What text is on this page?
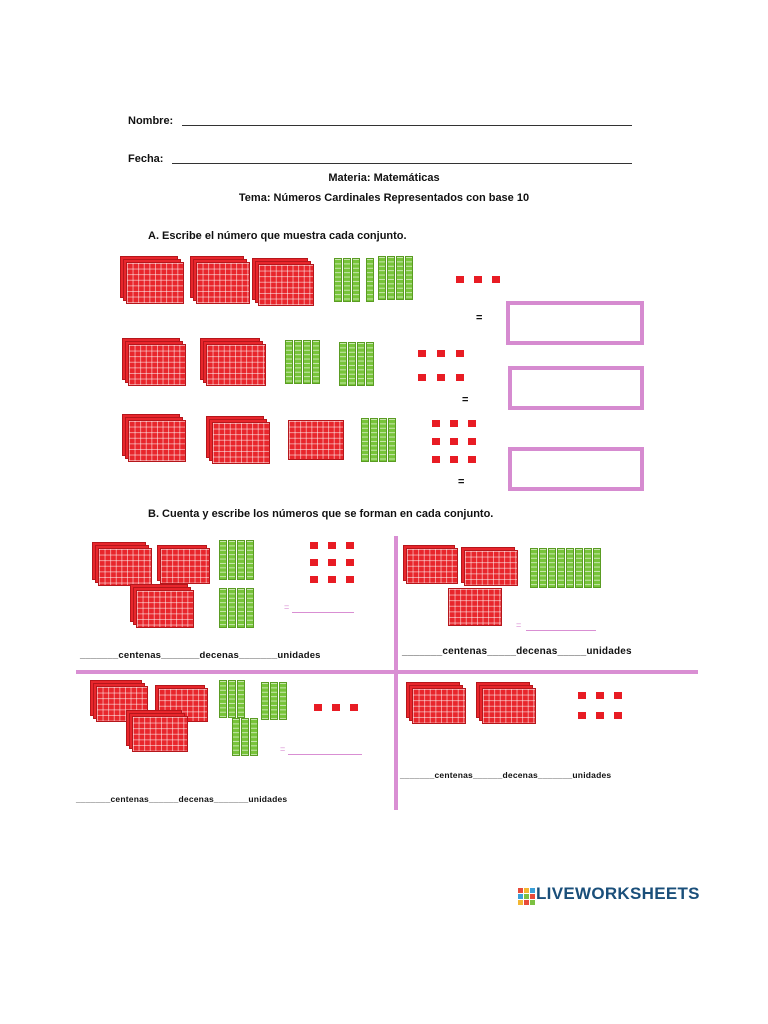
Nombre:
Fecha:
Materia: Matemáticas
Tema: Números Cardinales Representados con base 10
A. Escribe el número que muestra cada conjunto.
=
=
=
B. Cuenta y escribe los números que se forman en cada conjunto.
=
_______centenas_______decenas_______unidades
=
_______centenas_____decenas_____unidades
=
_______centenas______decenas_______unidades
_______centenas______decenas_______unidades
LIVEWORKSHEETS
